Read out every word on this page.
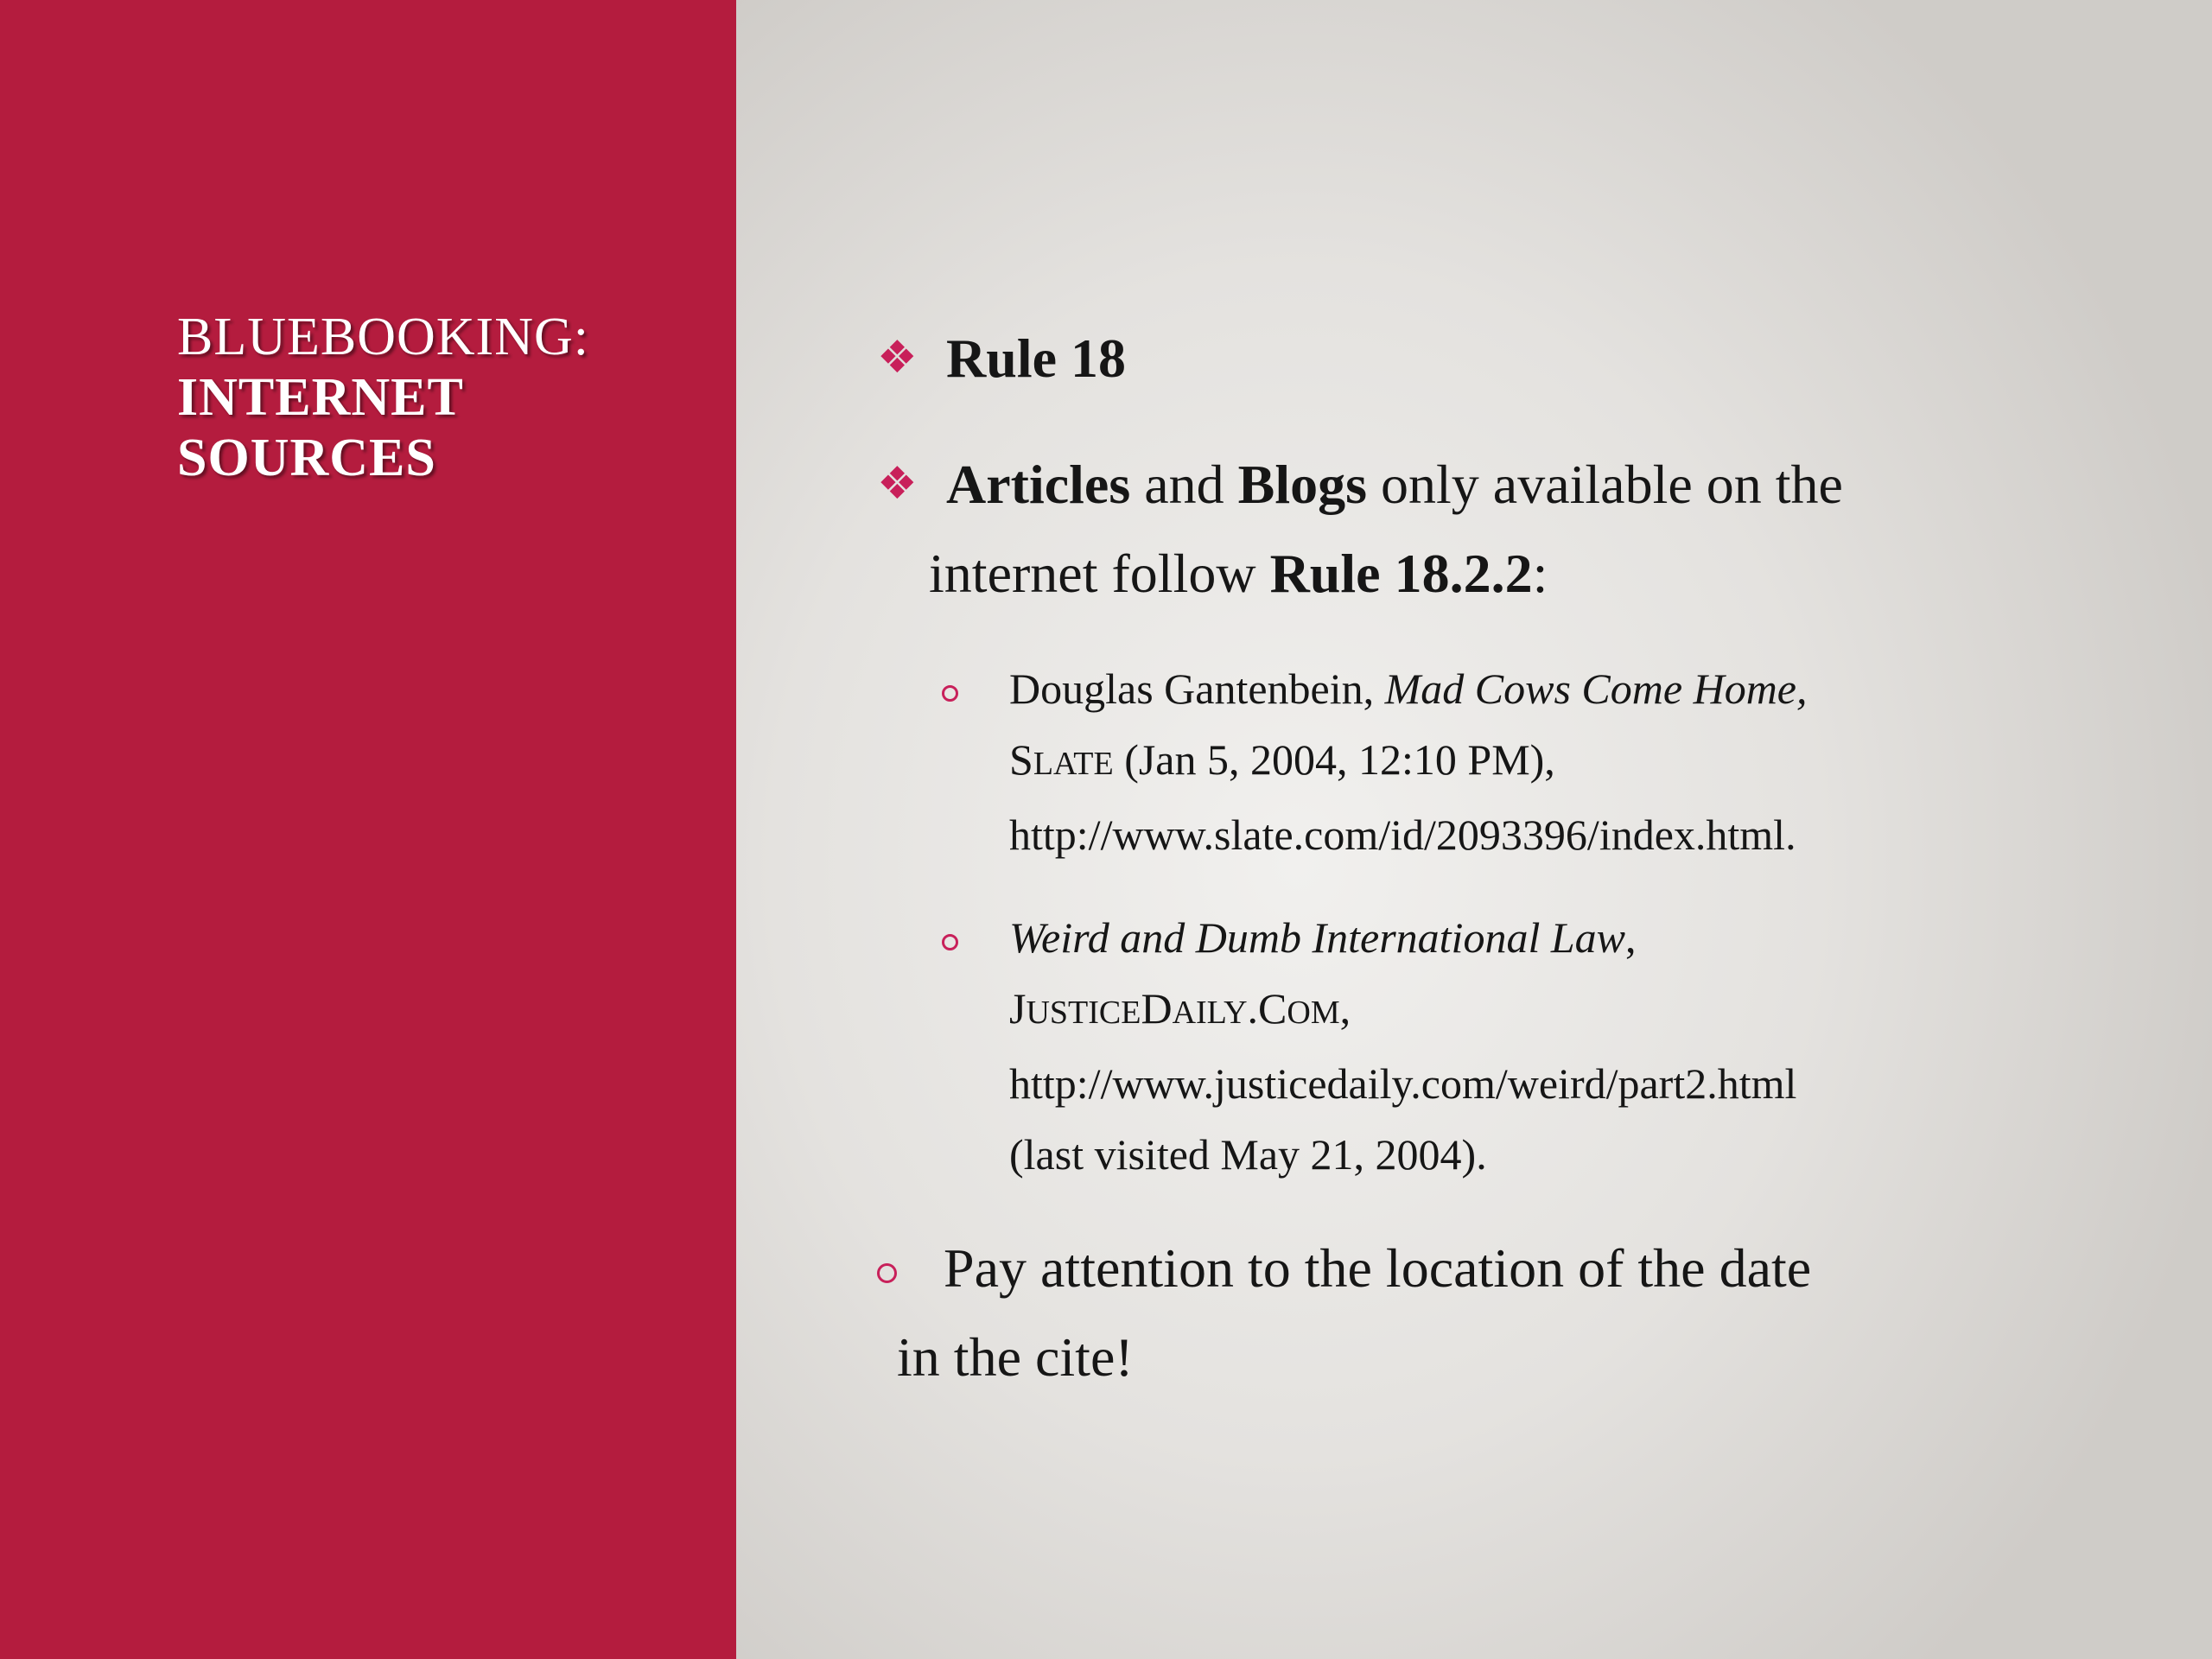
BLUEBOOKING:
INTERNET
SOURCES
❖ Rule 18
❖ Articles and Blogs only available on the
internet follow Rule 18.2.2:
Douglas Gantenbein, Mad Cows Come Home,
SLATE (Jan 5, 2004, 12:10 PM),
http://www.slate.com/id/2093396/index.html.
Weird and Dumb International Law,
JUSTICEDAILY.COM,
http://www.justicedaily.com/weird/part2.html
(last visited May 21, 2004).
Pay attention to the location of the date
in the cite!
